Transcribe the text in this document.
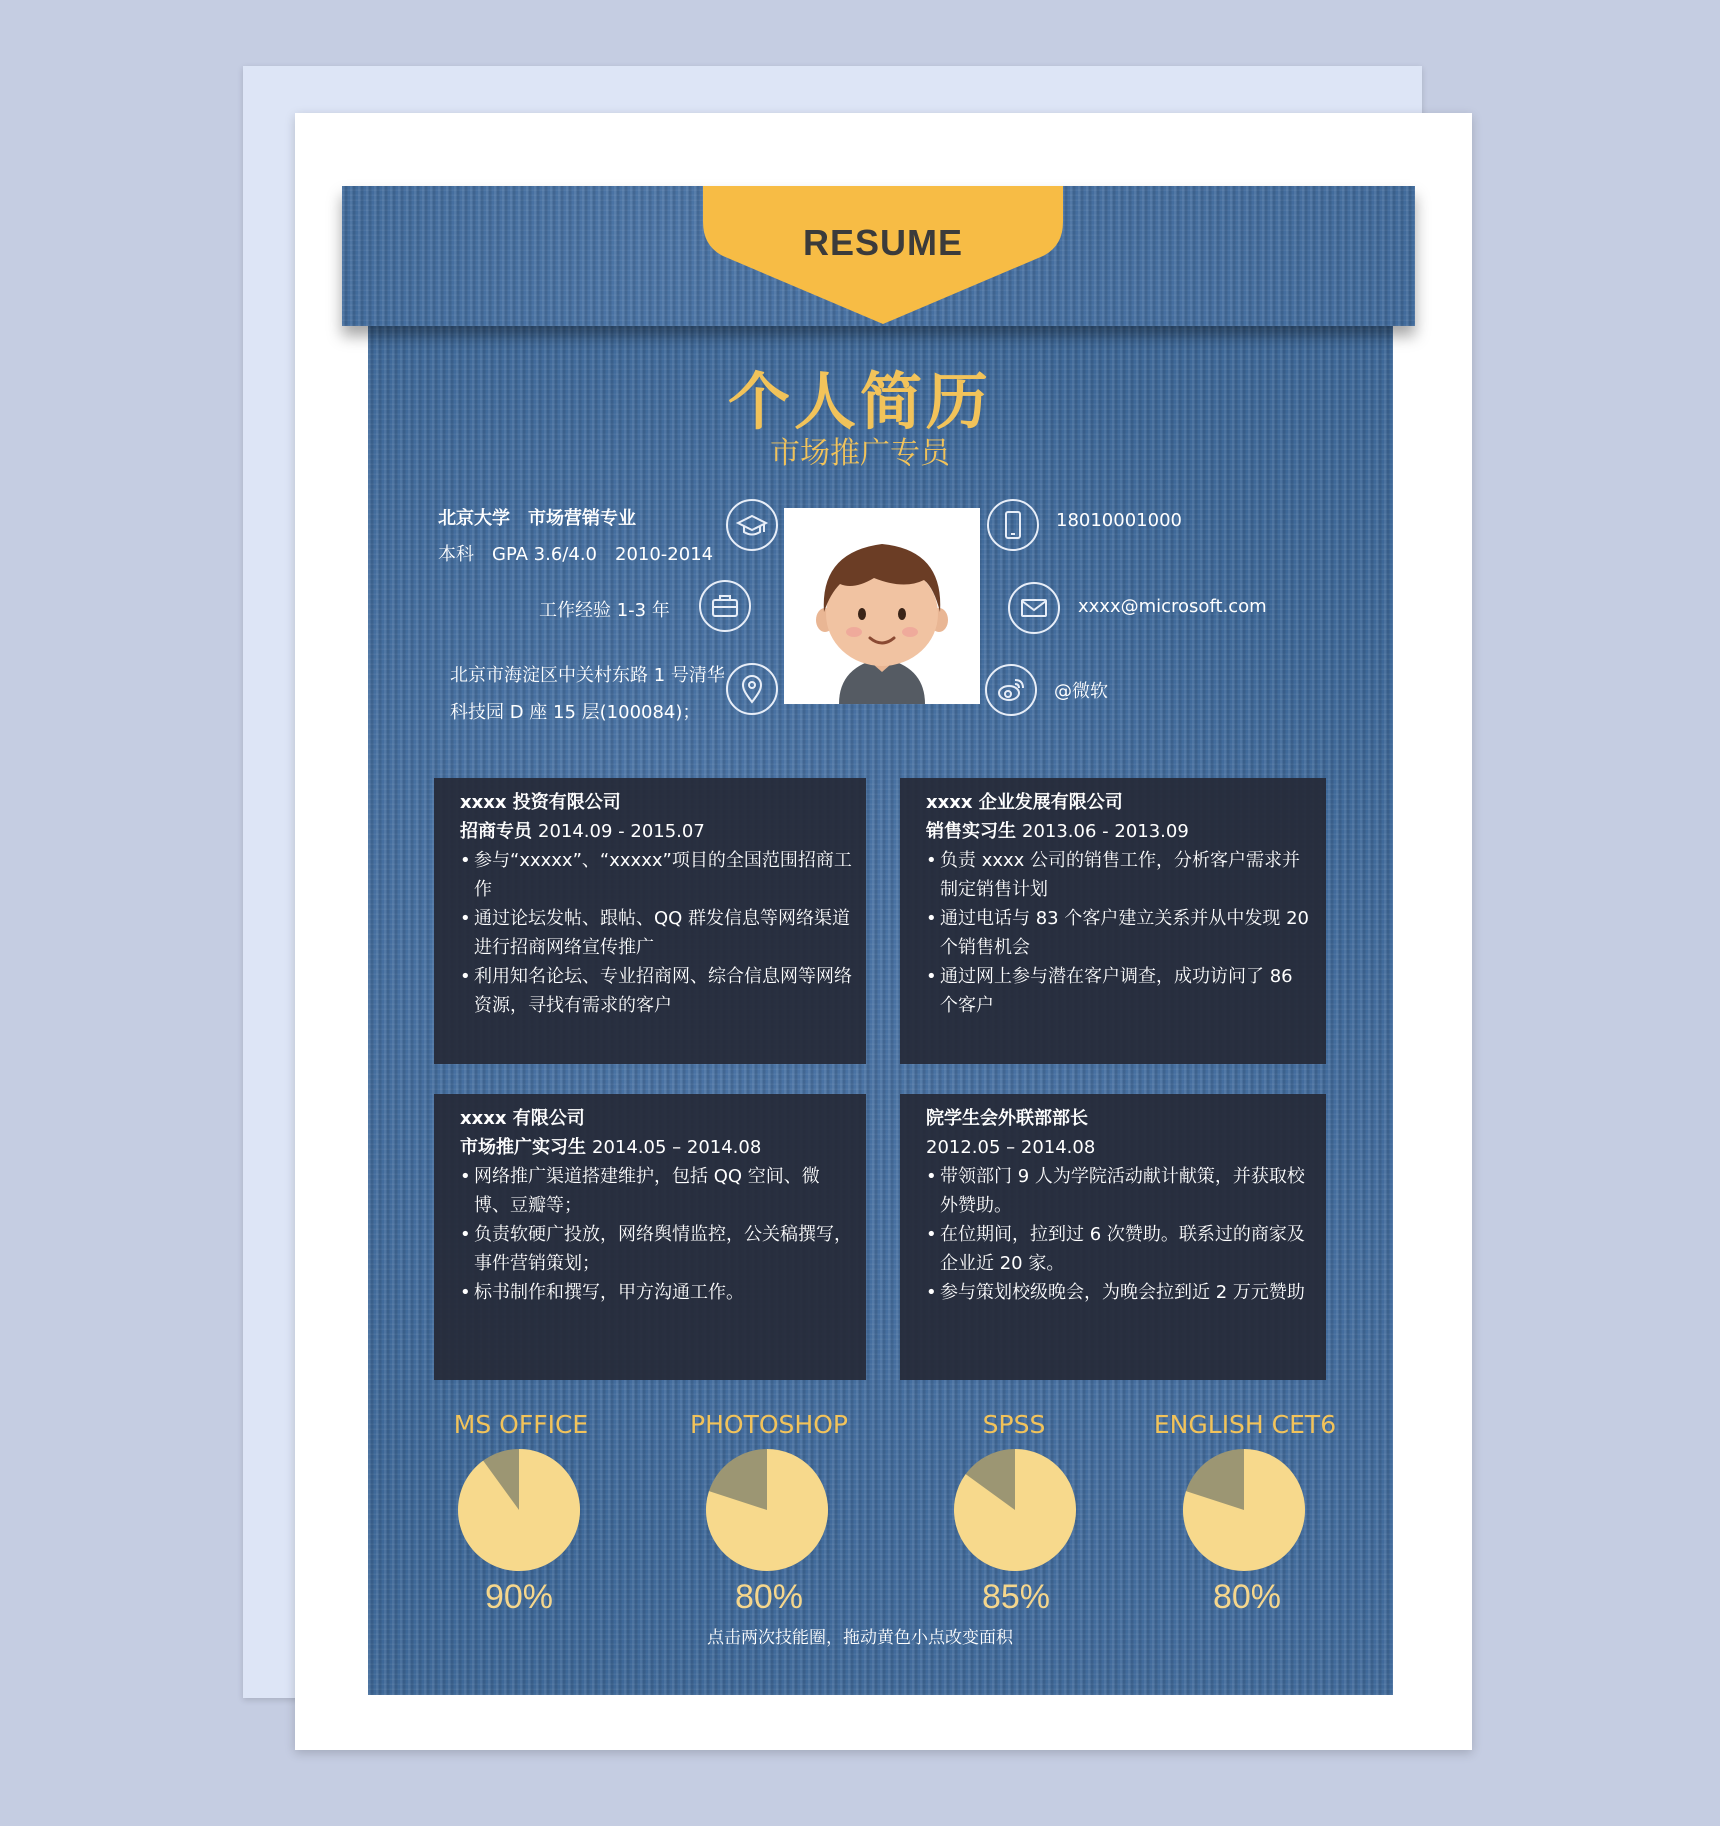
RESUME
个人简历
市场推广专员
北京大学　市场营销专业
本科　GPA 3.6/4.0　2010-2014
工作经验 1-3 年
北京市海淀区中关村东路 1 号清华
科技园 D 座 15 层(100084)；
18010001000
xxxx@microsoft.com
@微软
xxxx 投资有限公司
招商专员 2014.09 - 2015.07
• 参与“xxxxx”、“xxxxx”项目的全国范围招商工作
• 通过论坛发帖、跟帖、QQ 群发信息等网络渠道进行招商网络宣传推广
• 利用知名论坛、专业招商网、综合信息网等网络资源，寻找有需求的客户
xxxx 企业发展有限公司
销售实习生 2013.06 - 2013.09
• 负责 xxxx 公司的销售工作，分析客户需求并制定销售计划
• 通过电话与 83 个客户建立关系并从中发现 20 个销售机会
• 通过网上参与潜在客户调查，成功访问了 86 个客户
xxxx 有限公司
市场推广实习生 2014.05 – 2014.08
• 网络推广渠道搭建维护，包括 QQ 空间、微博、豆瓣等；
• 负责软硬广投放，网络舆情监控，公关稿撰写，事件营销策划；
• 标书制作和撰写，甲方沟通工作。
院学生会外联部部长
2012.05 – 2014.08
• 带领部门 9 人为学院活动献计献策，并获取校外赞助。
• 在位期间，拉到过 6 次赞助。联系过的商家及企业近 20 家。
• 参与策划校级晚会，为晚会拉到近 2 万元赞助
MS OFFICE	PHOTOSHOP	SPSS	ENGLISH CET6
90%	80%	85%	80%
点击两次技能圈，拖动黄色小点改变面积
